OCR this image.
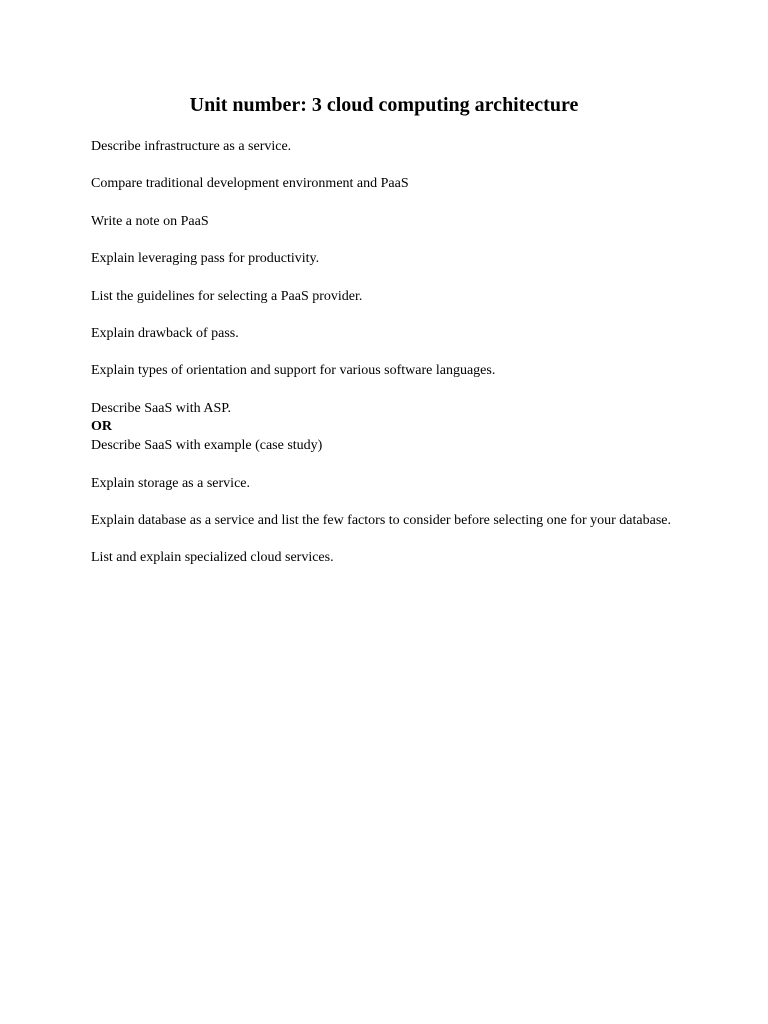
Unit number: 3 cloud computing architecture

Describe infrastructure as a service.

Compare traditional development environment and PaaS

Write a note on PaaS

Explain leveraging pass for productivity.

List the guidelines for selecting a PaaS provider.

Explain drawback of pass.

Explain types of orientation and support for various software languages.

Describe SaaS with ASP.

OR

Describe SaaS with example (case study)

Explain storage as a service.

Explain database as a service and list the few factors to consider before selecting one for your database.

List and explain specialized cloud services.
